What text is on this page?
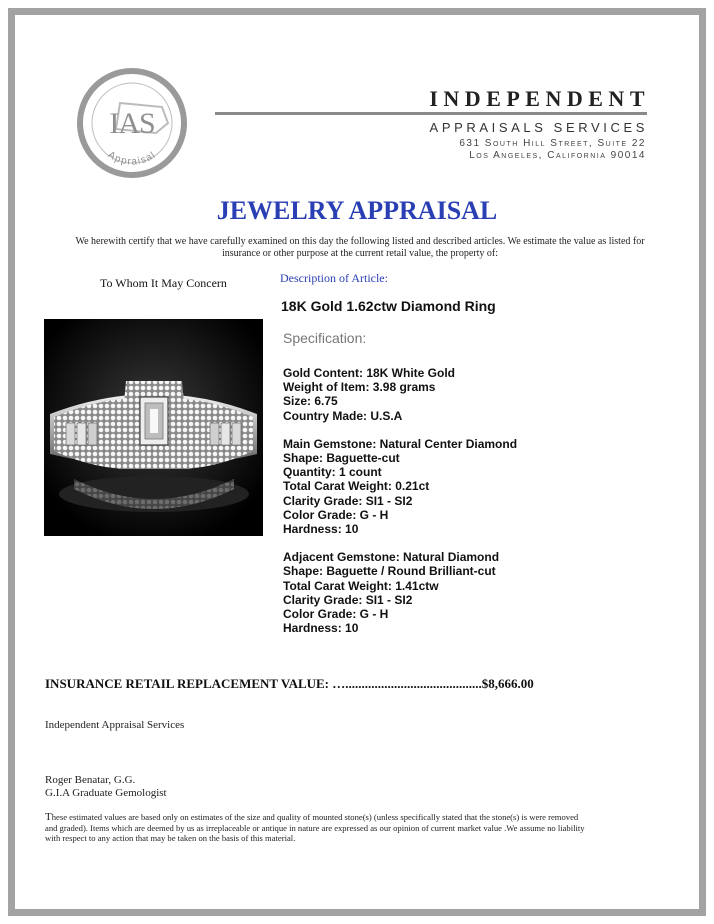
IAS
Appraisal
INDEPENDENT
APPRAISALS SERVICES
631 South Hill Street, Suite 22
Los Angeles, California 90014
JEWELRY APPRAISAL
We herewith certify that we have carefully examined on this day the following listed and described articles. We estimate the value as listed for insurance or other purpose at the current retail value, the property of:
To Whom It May Concern	Description of Article:
18K Gold 1.62ctw Diamond Ring
Specification:
Gold Content: 18K White Gold
Weight of Item: 3.98 grams
Size: 6.75
Country Made: U.S.A
Main Gemstone: Natural Center Diamond
Shape: Baguette-cut
Quantity: 1 count
Total Carat Weight: 0.21ct
Clarity Grade: SI1 - SI2
Color Grade: G - H
Hardness: 10
Adjacent Gemstone: Natural Diamond
Shape: Baguette / Round Brilliant-cut
Total Carat Weight: 1.41ctw
Clarity Grade: SI1 - SI2
Color Grade: G - H
Hardness: 10
INSURANCE RETAIL REPLACEMENT VALUE: …..........................................$8,666.00
Independent Appraisal Services
Roger Benatar, G.G.
G.I.A Graduate Gemologist
These estimated values are based only on estimates of the size and quality of mounted stone(s) (unless specifically stated that the stone(s) is were removed and graded). Items which are deemed by us as irreplaceable or antique in nature are expressed as our opinion of current market value .We assume no liability with respect to any action that may be taken on the basis of this material.
